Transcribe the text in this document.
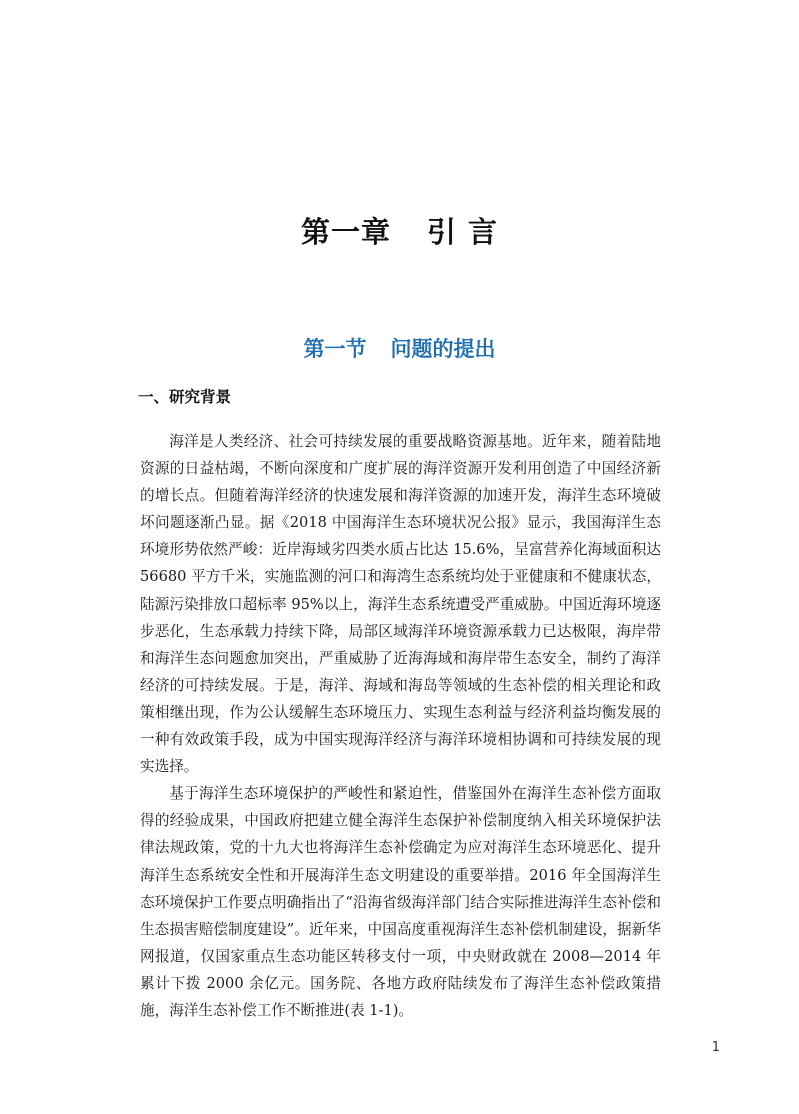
第一章 引 言
第一节 问题的提出
一、研究背景

海洋是人类经济、社会可持续发展的重要战略资源基地。近年来，随着陆地资源的日益枯竭，不断向深度和广度扩展的海洋资源开发利用创造了中国经济新的增长点。但随着海洋经济的快速发展和海洋资源的加速开发，海洋生态环境破坏问题逐渐凸显。据《2018 中国海洋生态环境状况公报》显示，我国海洋生态环境形势依然严峻：近岸海域劣四类水质占比达 15.6%，呈富营养化海域面积达 56680 平方千米，实施监测的河口和海湾生态系统均处于亚健康和不健康状态，陆源污染排放口超标率 95%以上，海洋生态系统遭受严重威胁。中国近海环境逐步恶化，生态承载力持续下降，局部区域海洋环境资源承载力已达极限，海岸带和海洋生态问题愈加突出，严重威胁了近海海域和海岸带生态安全，制约了海洋经济的可持续发展。于是，海洋、海域和海岛等领域的生态补偿的相关理论和政策相继出现，作为公认缓解生态环境压力、实现生态利益与经济利益均衡发展的一种有效政策手段，成为中国实现海洋经济与海洋环境相协调和可持续发展的现实选择。

基于海洋生态环境保护的严峻性和紧迫性，借鉴国外在海洋生态补偿方面取得的经验成果，中国政府把建立健全海洋生态保护补偿制度纳入相关环境保护法律法规政策，党的十九大也将海洋生态补偿确定为应对海洋生态环境恶化、提升海洋生态系统安全性和开展海洋生态文明建设的重要举措。2016 年全国海洋生态环境保护工作要点明确指出了“沿海省级海洋部门结合实际推进海洋生态补偿和生态损害赔偿制度建设”。近年来，中国高度重视海洋生态补偿机制建设，据新华网报道，仅国家重点生态功能区转移支付一项，中央财政就在 2008—2014 年累计下拨 2000 余亿元。国务院、各地方政府陆续发布了海洋生态补偿政策措施，海洋生态补偿工作不断推进(表 1-1)。

1
